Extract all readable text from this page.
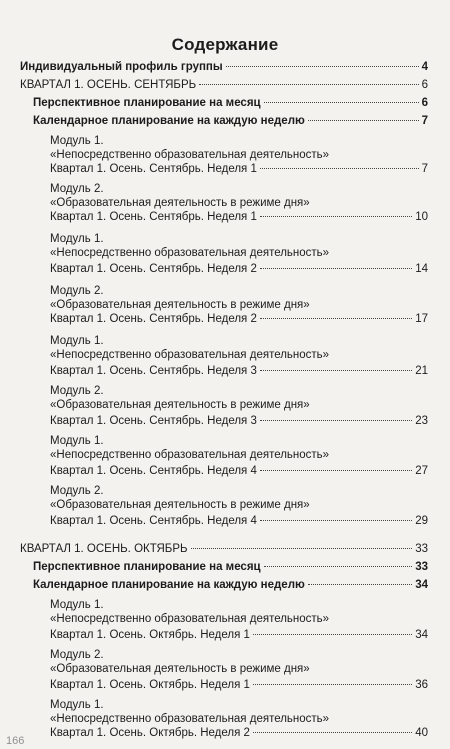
Содержание
Индивидуальный профиль группы	4
КВАРТАЛ 1. ОСЕНЬ. СЕНТЯБРЬ	6
Перспективное планирование на месяц	6
Календарное планирование на каждую неделю	7
Модуль 1.
«Непосредственно образовательная деятельность»
Квартал 1. Осень. Сентябрь. Неделя 1	7
Модуль 2.
«Образовательная деятельность в режиме дня»
Квартал 1. Осень. Сентябрь. Неделя 1	10
Модуль 1.
«Непосредственно образовательная деятельность»
Квартал 1. Осень. Сентябрь. Неделя 2	14
Модуль 2.
«Образовательная деятельность в режиме дня»
Квартал 1. Осень. Сентябрь. Неделя 2	17
Модуль 1.
«Непосредственно образовательная деятельность»
Квартал 1. Осень. Сентябрь. Неделя 3	21
Модуль 2.
«Образовательная деятельность в режиме дня»
Квартал 1. Осень. Сентябрь. Неделя 3	23
Модуль 1.
«Непосредственно образовательная деятельность»
Квартал 1. Осень. Сентябрь. Неделя 4	27
Модуль 2.
«Образовательная деятельность в режиме дня»
Квартал 1. Осень. Сентябрь. Неделя 4	29
КВАРТАЛ 1. ОСЕНЬ. ОКТЯБРЬ	33
Перспективное планирование на месяц	33
Календарное планирование на каждую неделю	34
Модуль 1.
«Непосредственно образовательная деятельность»
Квартал 1. Осень. Октябрь. Неделя 1	34
Модуль 2.
«Образовательная деятельность в режиме дня»
Квартал 1. Осень. Октябрь. Неделя 1	36
Модуль 1.
«Непосредственно образовательная деятельность»
Квартал 1. Осень. Октябрь. Неделя 2	40
166
